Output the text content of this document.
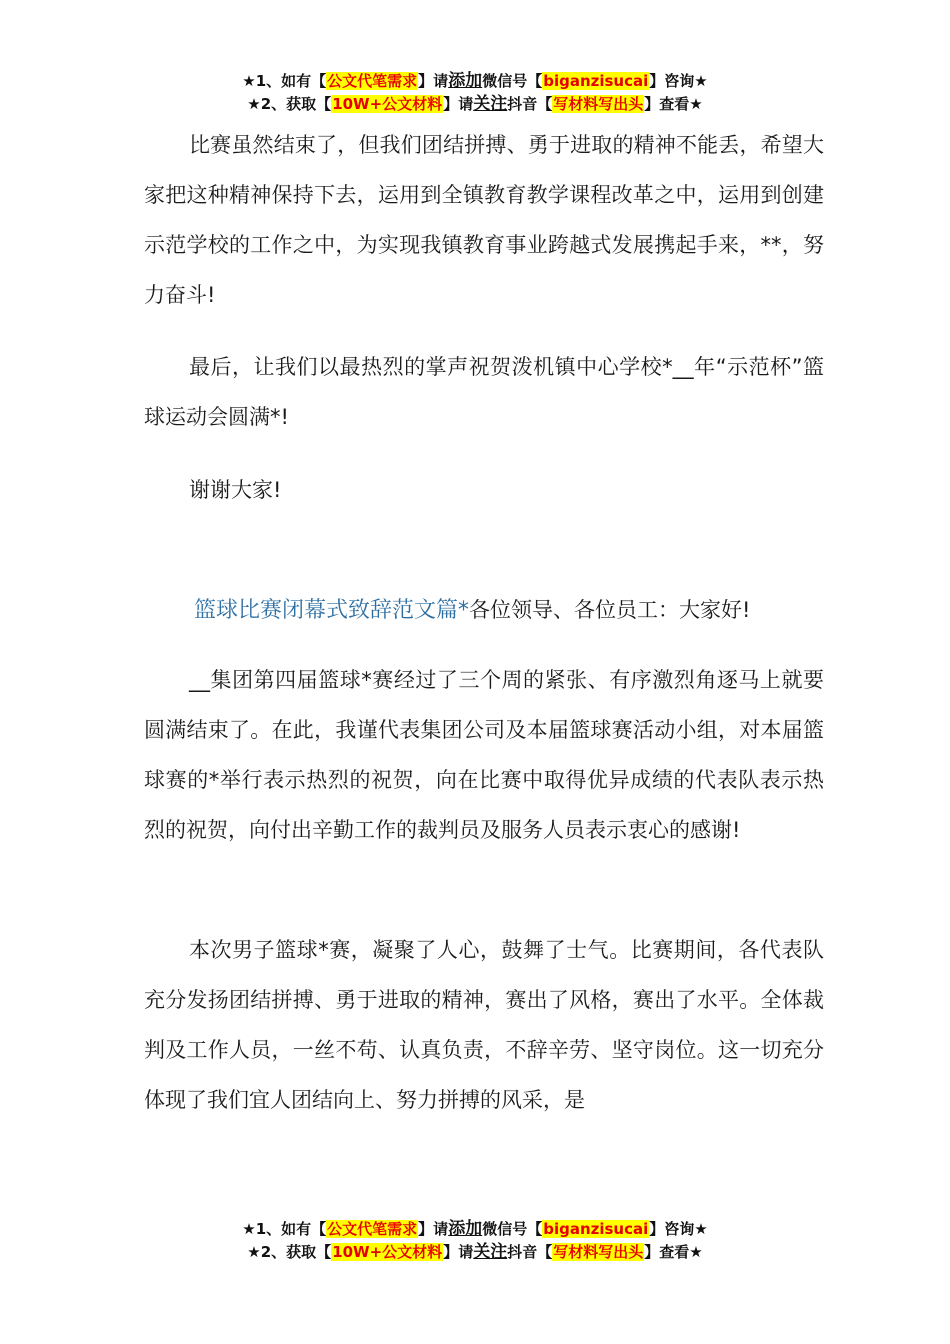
★1、如有【公文代笔需求】请添加微信号【biganzisucai】咨询★
★2、获取【10W+公文材料】请关注抖音【写材料写出头】查看★

比赛虽然结束了，但我们团结拼搏、勇于进取的精神不能丢，希望大家把这种精神保持下去，运用到全镇教育教学课程改革之中，运用到创建示范学校的工作之中，为实现我镇教育事业跨越式发展携起手来，**，努力奋斗!

最后，让我们以最热烈的掌声祝贺泼机镇中心学校*__年“示范杯”篮球运动会圆满*!

谢谢大家!

篮球比赛闭幕式致辞范文篇*各位领导、各位员工：大家好!

__集团第四届篮球*赛经过了三个周的紧张、有序激烈角逐马上就要圆满结束了。在此，我谨代表集团公司及本届篮球赛活动小组，对本届篮球赛的*举行表示热烈的祝贺，向在比赛中取得优异成绩的代表队表示热烈的祝贺，向付出辛勤工作的裁判员及服务人员表示衷心的感谢!

本次男子篮球*赛，凝聚了人心，鼓舞了士气。比赛期间，各代表队充分发扬团结拼搏、勇于进取的精神，赛出了风格，赛出了水平。全体裁判及工作人员，一丝不苟、认真负责，不辞辛劳、坚守岗位。这一切充分体现了我们宜人团结向上、努力拼搏的风采，是

★1、如有【公文代笔需求】请添加微信号【biganzisucai】咨询★
★2、获取【10W+公文材料】请关注抖音【写材料写出头】查看★
